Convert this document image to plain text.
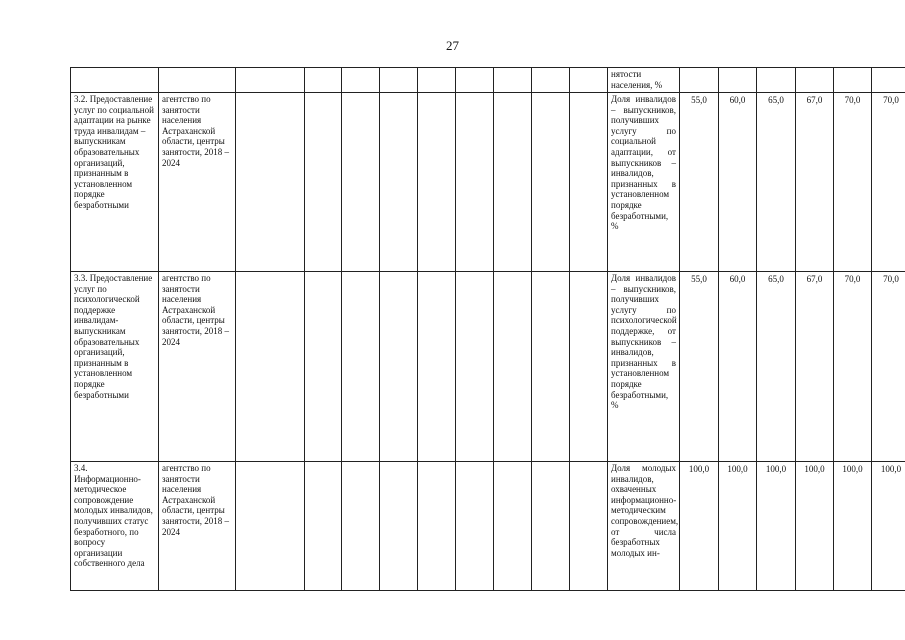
27
											нятости населения, %						
3.2. Предоставление услуг по социальной адаптации на рынке труда инвалидам – выпускникам образовательных организаций, признанным в установленном порядке безработными	агентство по занятости населения Астраханской области, центры занятости, 2018 – 2024										Доля инвалидов – выпускников, получивших услугу по социальной адаптации, от выпускников – инвалидов, признанных в установленном порядке безработными, %	55,0	60,0	65,0	67,0	70,0	70,0
3.3. Предоставление услуг по психологической поддержке инвалидам-выпускникам образовательных организаций, признанным в установленном порядке безработными	агентство по занятости населения Астраханской области, центры занятости, 2018 – 2024										Доля инвалидов – выпускников, получивших услугу по психологической поддержке, от выпускников – инвалидов, признанных в установленном порядке безработными, %	55,0	60,0	65,0	67,0	70,0	70,0
3.4. Информационно-методическое сопровождение молодых инвалидов, получивших статус безработного, по вопросу организации собственного дела	агентство по занятости населения Астраханской области, центры занятости, 2018 – 2024										Доля молодых инвалидов, охваченных информационно-методическим сопровождением, от числа безработных молодых ин-	100,0	100,0	100,0	100,0	100,0	100,0
